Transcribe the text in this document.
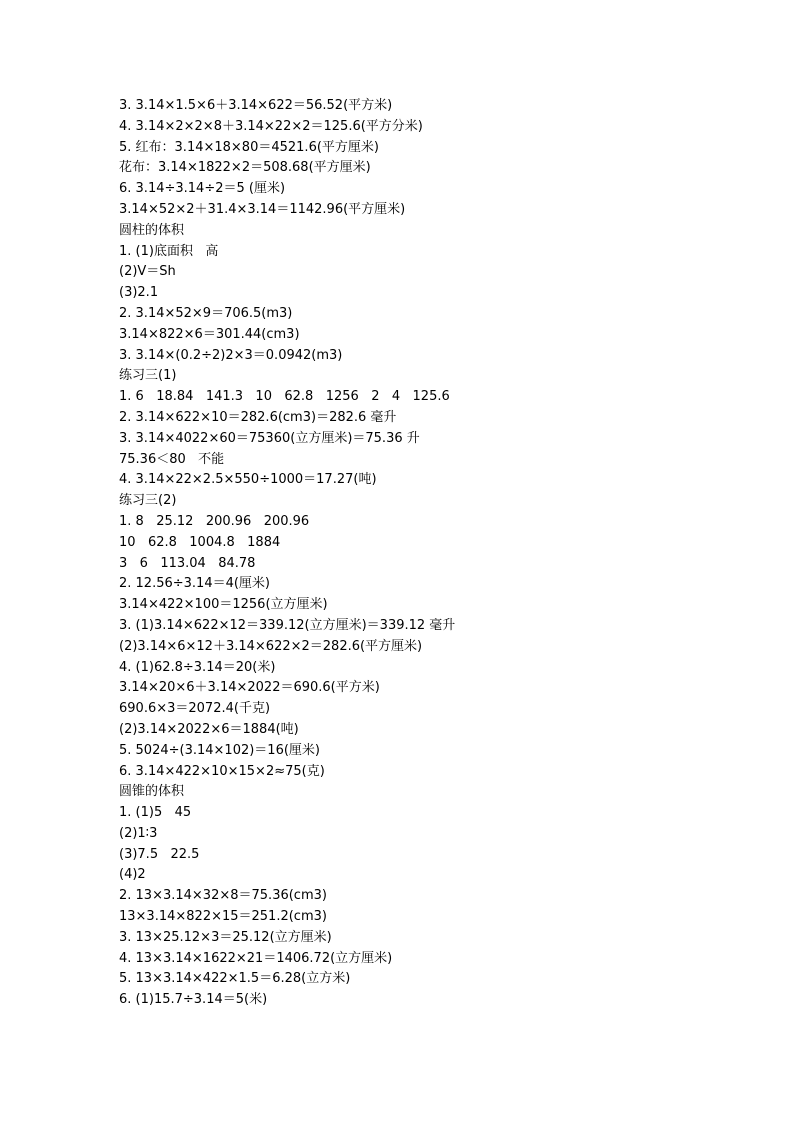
3. 3.14×1.5×6＋3.14×622＝56.52(平方米)
4. 3.14×2×2×8＋3.14×22×2＝125.6(平方分米)
5. 红布：3.14×18×80＝4521.6(平方厘米)
花布：3.14×1822×2＝508.68(平方厘米)
6. 3.14÷3.14÷2＝5 (厘米)
3.14×52×2＋31.4×3.14＝1142.96(平方厘米)
圆柱的体积
1. (1)底面积   高
(2)V＝Sh
(3)2.1
2. 3.14×52×9＝706.5(m3)
3.14×822×6＝301.44(cm3)
3. 3.14×(0.2÷2)2×3＝0.0942(m3)
练习三(1)
1. 6   18.84   141.3   10   62.8   1256   2   4   125.6
2. 3.14×622×10＝282.6(cm3)＝282.6 毫升
3. 3.14×4022×60＝75360(立方厘米)＝75.36 升
75.36＜80   不能
4. 3.14×22×2.5×550÷1000＝17.27(吨)
练习三(2)
1. 8   25.12   200.96   200.96
10   62.8   1004.8   1884
3   6   113.04   84.78
2. 12.56÷3.14＝4(厘米)
3.14×422×100＝1256(立方厘米)
3. (1)3.14×622×12＝339.12(立方厘米)＝339.12 毫升
(2)3.14×6×12＋3.14×622×2＝282.6(平方厘米)
4. (1)62.8÷3.14＝20(米)
3.14×20×6＋3.14×2022＝690.6(平方米)
690.6×3＝2072.4(千克)
(2)3.14×2022×6＝1884(吨)
5. 5024÷(3.14×102)＝16(厘米)
6. 3.14×422×10×15×2≈75(克)
圆锥的体积
1. (1)5   45
(2)1∶3
(3)7.5   22.5
(4)2
2. 13×3.14×32×8＝75.36(cm3)
13×3.14×822×15＝251.2(cm3)
3. 13×25.12×3＝25.12(立方厘米)
4. 13×3.14×1622×21＝1406.72(立方厘米)
5. 13×3.14×422×1.5＝6.28(立方米)
6. (1)15.7÷3.14＝5(米)
